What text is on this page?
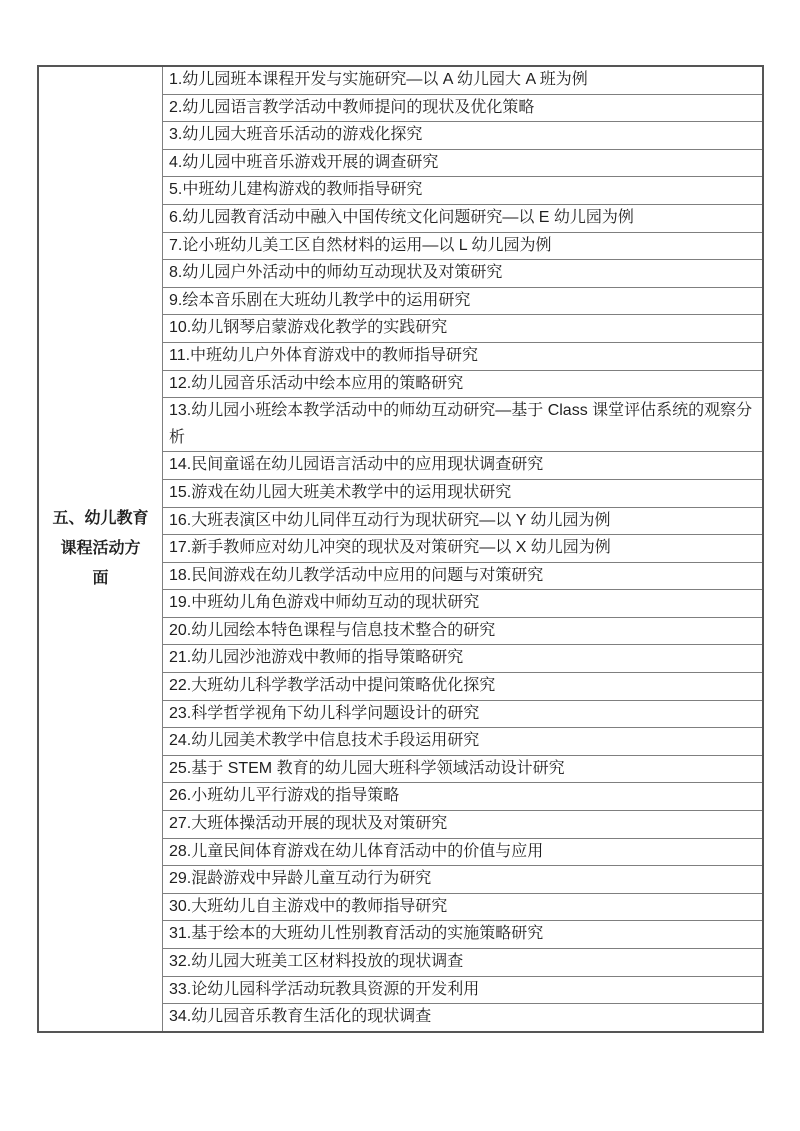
五、幼儿教育
课程活动方
面
1.幼儿园班本课程开发与实施研究—以 A 幼儿园大 A 班为例
2.幼儿园语言教学活动中教师提问的现状及优化策略
3.幼儿园大班音乐活动的游戏化探究
4.幼儿园中班音乐游戏开展的调查研究
5.中班幼儿建构游戏的教师指导研究
6.幼儿园教育活动中融入中国传统文化问题研究—以 E 幼儿园为例
7.论小班幼儿美工区自然材料的运用—以 L 幼儿园为例
8.幼儿园户外活动中的师幼互动现状及对策研究
9.绘本音乐剧在大班幼儿教学中的运用研究
10.幼儿钢琴启蒙游戏化教学的实践研究
11.中班幼儿户外体育游戏中的教师指导研究
12.幼儿园音乐活动中绘本应用的策略研究
13.幼儿园小班绘本教学活动中的师幼互动研究—基于 Class 课堂评估系统的观察分析
14.民间童谣在幼儿园语言活动中的应用现状调查研究
15.游戏在幼儿园大班美术教学中的运用现状研究
16.大班表演区中幼儿同伴互动行为现状研究—以 Y 幼儿园为例
17.新手教师应对幼儿冲突的现状及对策研究—以 X 幼儿园为例
18.民间游戏在幼儿教学活动中应用的问题与对策研究
19.中班幼儿角色游戏中师幼互动的现状研究
20.幼儿园绘本特色课程与信息技术整合的研究
21.幼儿园沙池游戏中教师的指导策略研究
22.大班幼儿科学教学活动中提问策略优化探究
23.科学哲学视角下幼儿科学问题设计的研究
24.幼儿园美术教学中信息技术手段运用研究
25.基于 STEM 教育的幼儿园大班科学领域活动设计研究
26.小班幼儿平行游戏的指导策略
27.大班体操活动开展的现状及对策研究
28.儿童民间体育游戏在幼儿体育活动中的价值与应用
29.混龄游戏中异龄儿童互动行为研究
30.大班幼儿自主游戏中的教师指导研究
31.基于绘本的大班幼儿性别教育活动的实施策略研究
32.幼儿园大班美工区材料投放的现状调查
33.论幼儿园科学活动玩教具资源的开发利用
34.幼儿园音乐教育生活化的现状调查
